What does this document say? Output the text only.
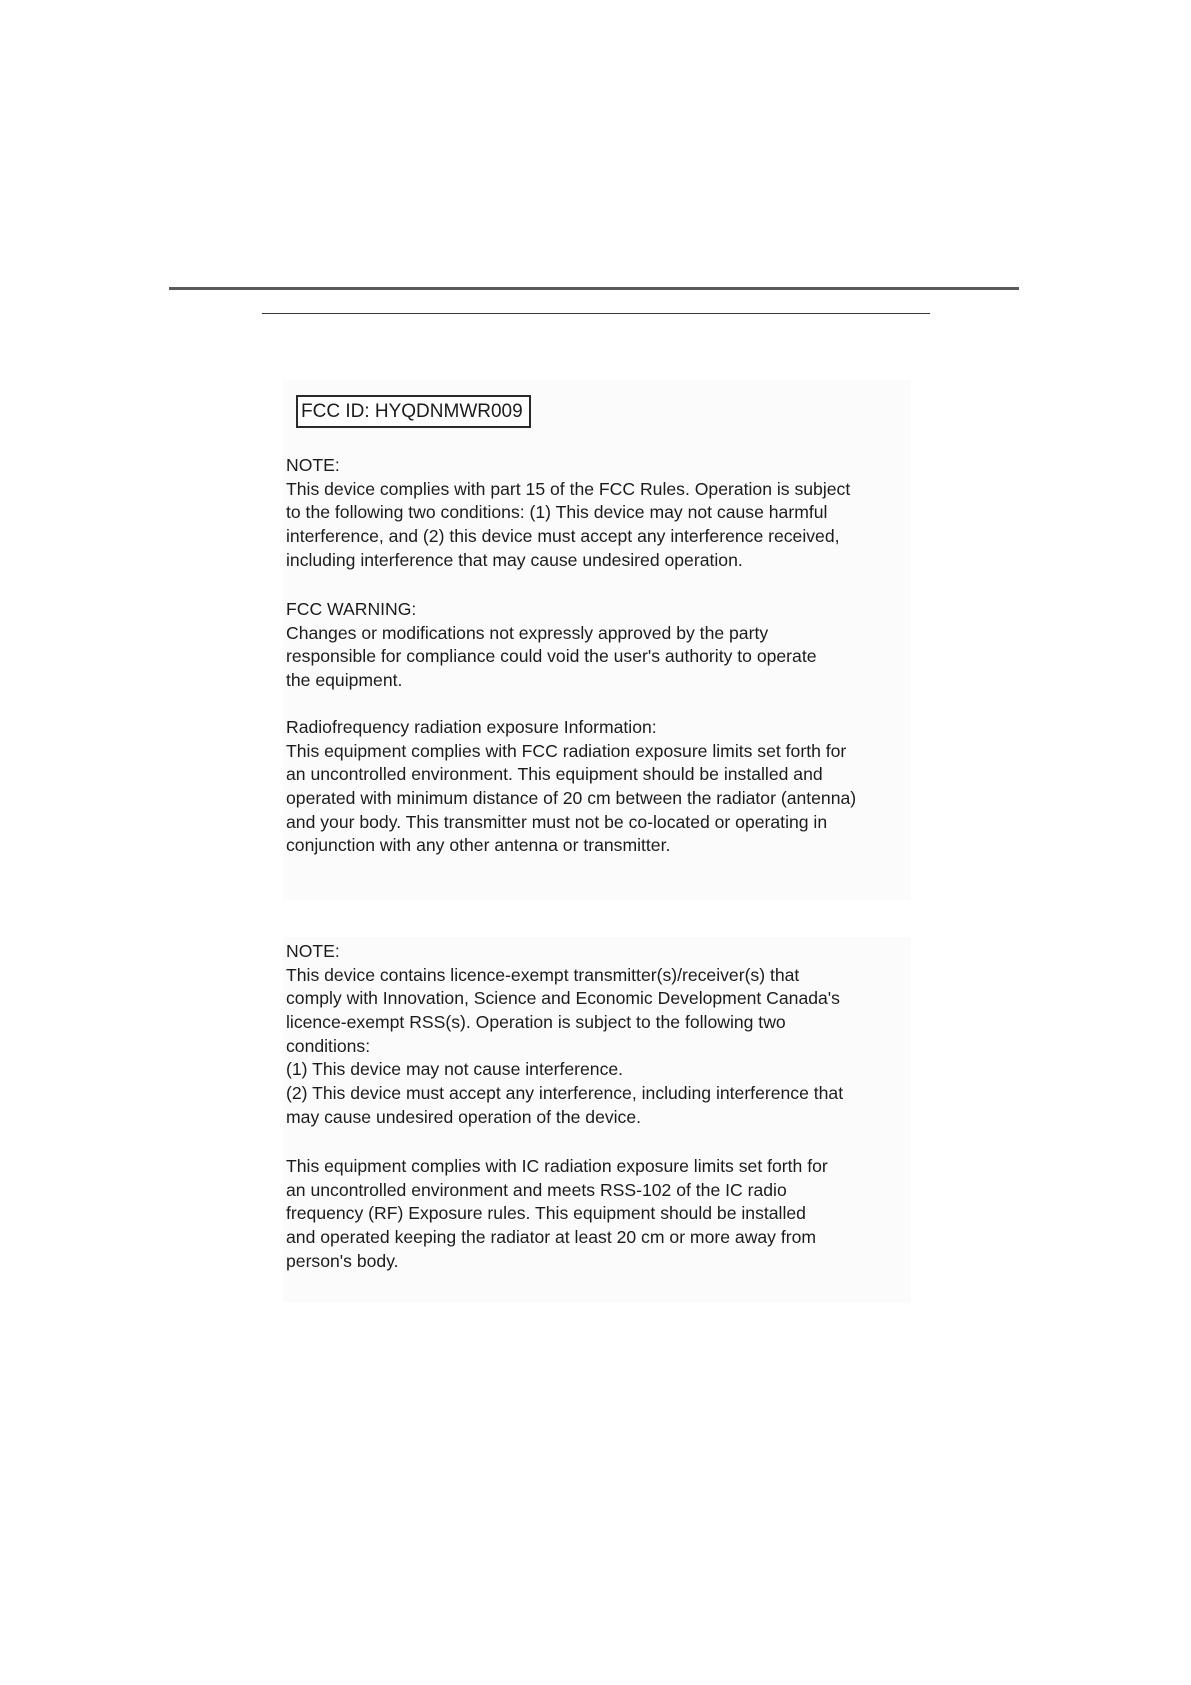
FCC ID: HYQDNMWR009
NOTE:
This device complies with part 15 of the FCC Rules. Operation is subject
to the following two conditions: (1) This device may not cause harmful
interference, and (2) this device must accept any interference received,
including interference that may cause undesired operation.
FCC WARNING:
Changes or modifications not expressly approved by the party
responsible for compliance could void the user's authority to operate
the equipment.
Radiofrequency radiation exposure Information:
This equipment complies with FCC radiation exposure limits set forth for
an uncontrolled environment. This equipment should be installed and
operated with minimum distance of 20 cm between the radiator (antenna)
and your body. This transmitter must not be co-located or operating in
conjunction with any other antenna or transmitter.
NOTE:
This device contains licence-exempt transmitter(s)/receiver(s) that
comply with Innovation, Science and Economic Development Canada's
licence-exempt RSS(s). Operation is subject to the following two
conditions:
(1) This device may not cause interference.
(2) This device must accept any interference, including interference that
may cause undesired operation of the device.
This equipment complies with IC radiation exposure limits set forth for
an uncontrolled environment and meets RSS-102 of the IC radio
frequency (RF) Exposure rules. This equipment should be installed
and operated keeping the radiator at least 20 cm or more away from
person's body.
